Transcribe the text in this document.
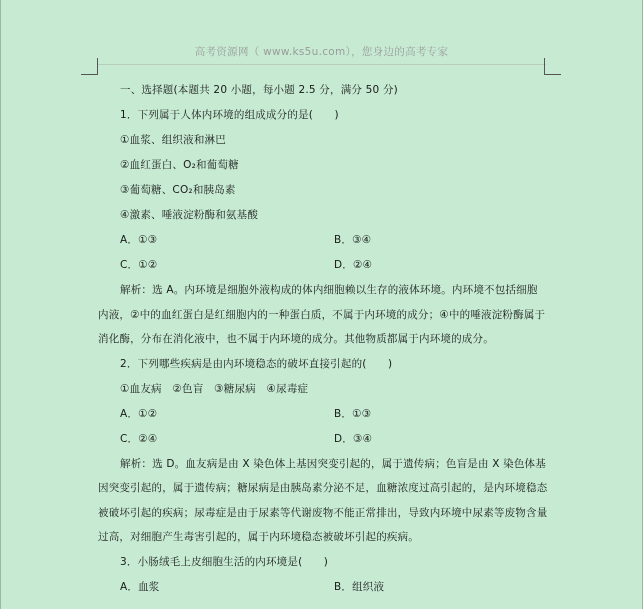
高考资源网（ www.ks5u.com），您身边的高考专家
一、选择题(本题共 20 小题，每小题 2.5 分，满分 50 分)
1．下列属于人体内环境的组成成分的是(　　)
①血浆、组织液和淋巴
②血红蛋白、O₂和葡萄糖
③葡萄糖、CO₂和胰岛素
④激素、唾液淀粉酶和氨基酸
A．①③	B．③④
C．①②	D．②④

解析：选 A。内环境是细胞外液构成的体内细胞赖以生存的液体环境。内环境不包括细胞内液，②中的血红蛋白是红细胞内的一种蛋白质，不属于内环境的成分；④中的唾液淀粉酶属于消化酶，分布在消化液中，也不属于内环境的成分。其他物质都属于内环境的成分。

2．下列哪些疾病是由内环境稳态的破坏直接引起的(　　)
①血友病　②色盲　③糖尿病　④尿毒症
A．①②	B．①③
C．②④	D．③④

解析：选 D。血友病是由 X 染色体上基因突变引起的，属于遗传病；色盲是由 X 染色体基因突变引起的，属于遗传病；糖尿病是由胰岛素分泌不足，血糖浓度过高引起的，是内环境稳态被破坏引起的疾病；尿毒症是由于尿素等代谢废物不能正常排出，导致内环境中尿素等废物含量过高，对细胞产生毒害引起的，属于内环境稳态被破坏引起的疾病。

3．小肠绒毛上皮细胞生活的内环境是(　　)
A．血浆	B．组织液
